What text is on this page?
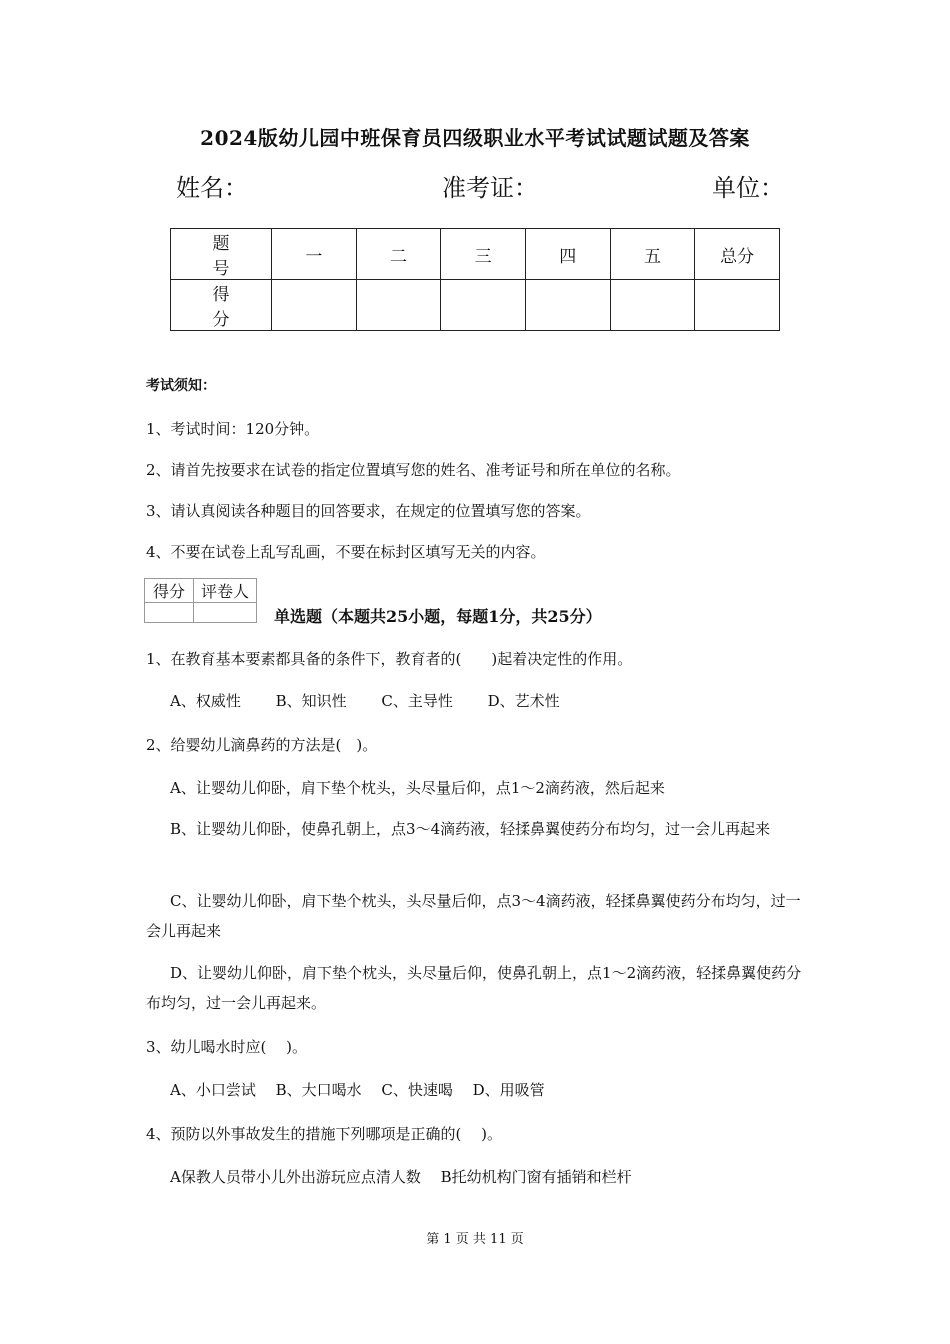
2024版幼儿园中班保育员四级职业水平考试试题试题及答案
姓名：	准考证：	单位：
题　号	一	二	三	四	五	总分
得　分						
考试须知：
1、考试时间：120分钟。
2、请首先按要求在试卷的指定位置填写您的姓名、准考证号和所在单位的名称。
3、请认真阅读各种题目的回答要求，在规定的位置填写您的答案。
4、不要在试卷上乱写乱画，不要在标封区填写无关的内容。
得分	评卷人

单选题（本题共25小题，每题1分，共25分）
1、在教育基本要素都具备的条件下，教育者的(　　)起着决定性的作用。
A、权威性　　 B、知识性　　 C、主导性　　 D、艺术性
2、给婴幼儿滴鼻药的方法是(　)。
A、让婴幼儿仰卧，肩下垫个枕头，头尽量后仰，点1～2滴药液，然后起来
B、让婴幼儿仰卧，使鼻孔朝上，点3～4滴药液，轻揉鼻翼使药分布均匀，过一会儿再起来
C、让婴幼儿仰卧，肩下垫个枕头，头尽量后仰，点3～4滴药液，轻揉鼻翼使药分布均匀，过一会儿再起来
D、让婴幼儿仰卧，肩下垫个枕头，头尽量后仰，使鼻孔朝上，点1～2滴药液，轻揉鼻翼使药分布均匀，过一会儿再起来。
3、幼儿喝水时应(　 )。
A、小口尝试　 B、大口喝水　 C、快速喝　 D、用吸管
4、预防以外事故发生的措施下列哪项是正确的(　 )。
A保教人员带小儿外出游玩应点清人数　 B托幼机构门窗有插销和栏杆
第 1 页 共 11 页
